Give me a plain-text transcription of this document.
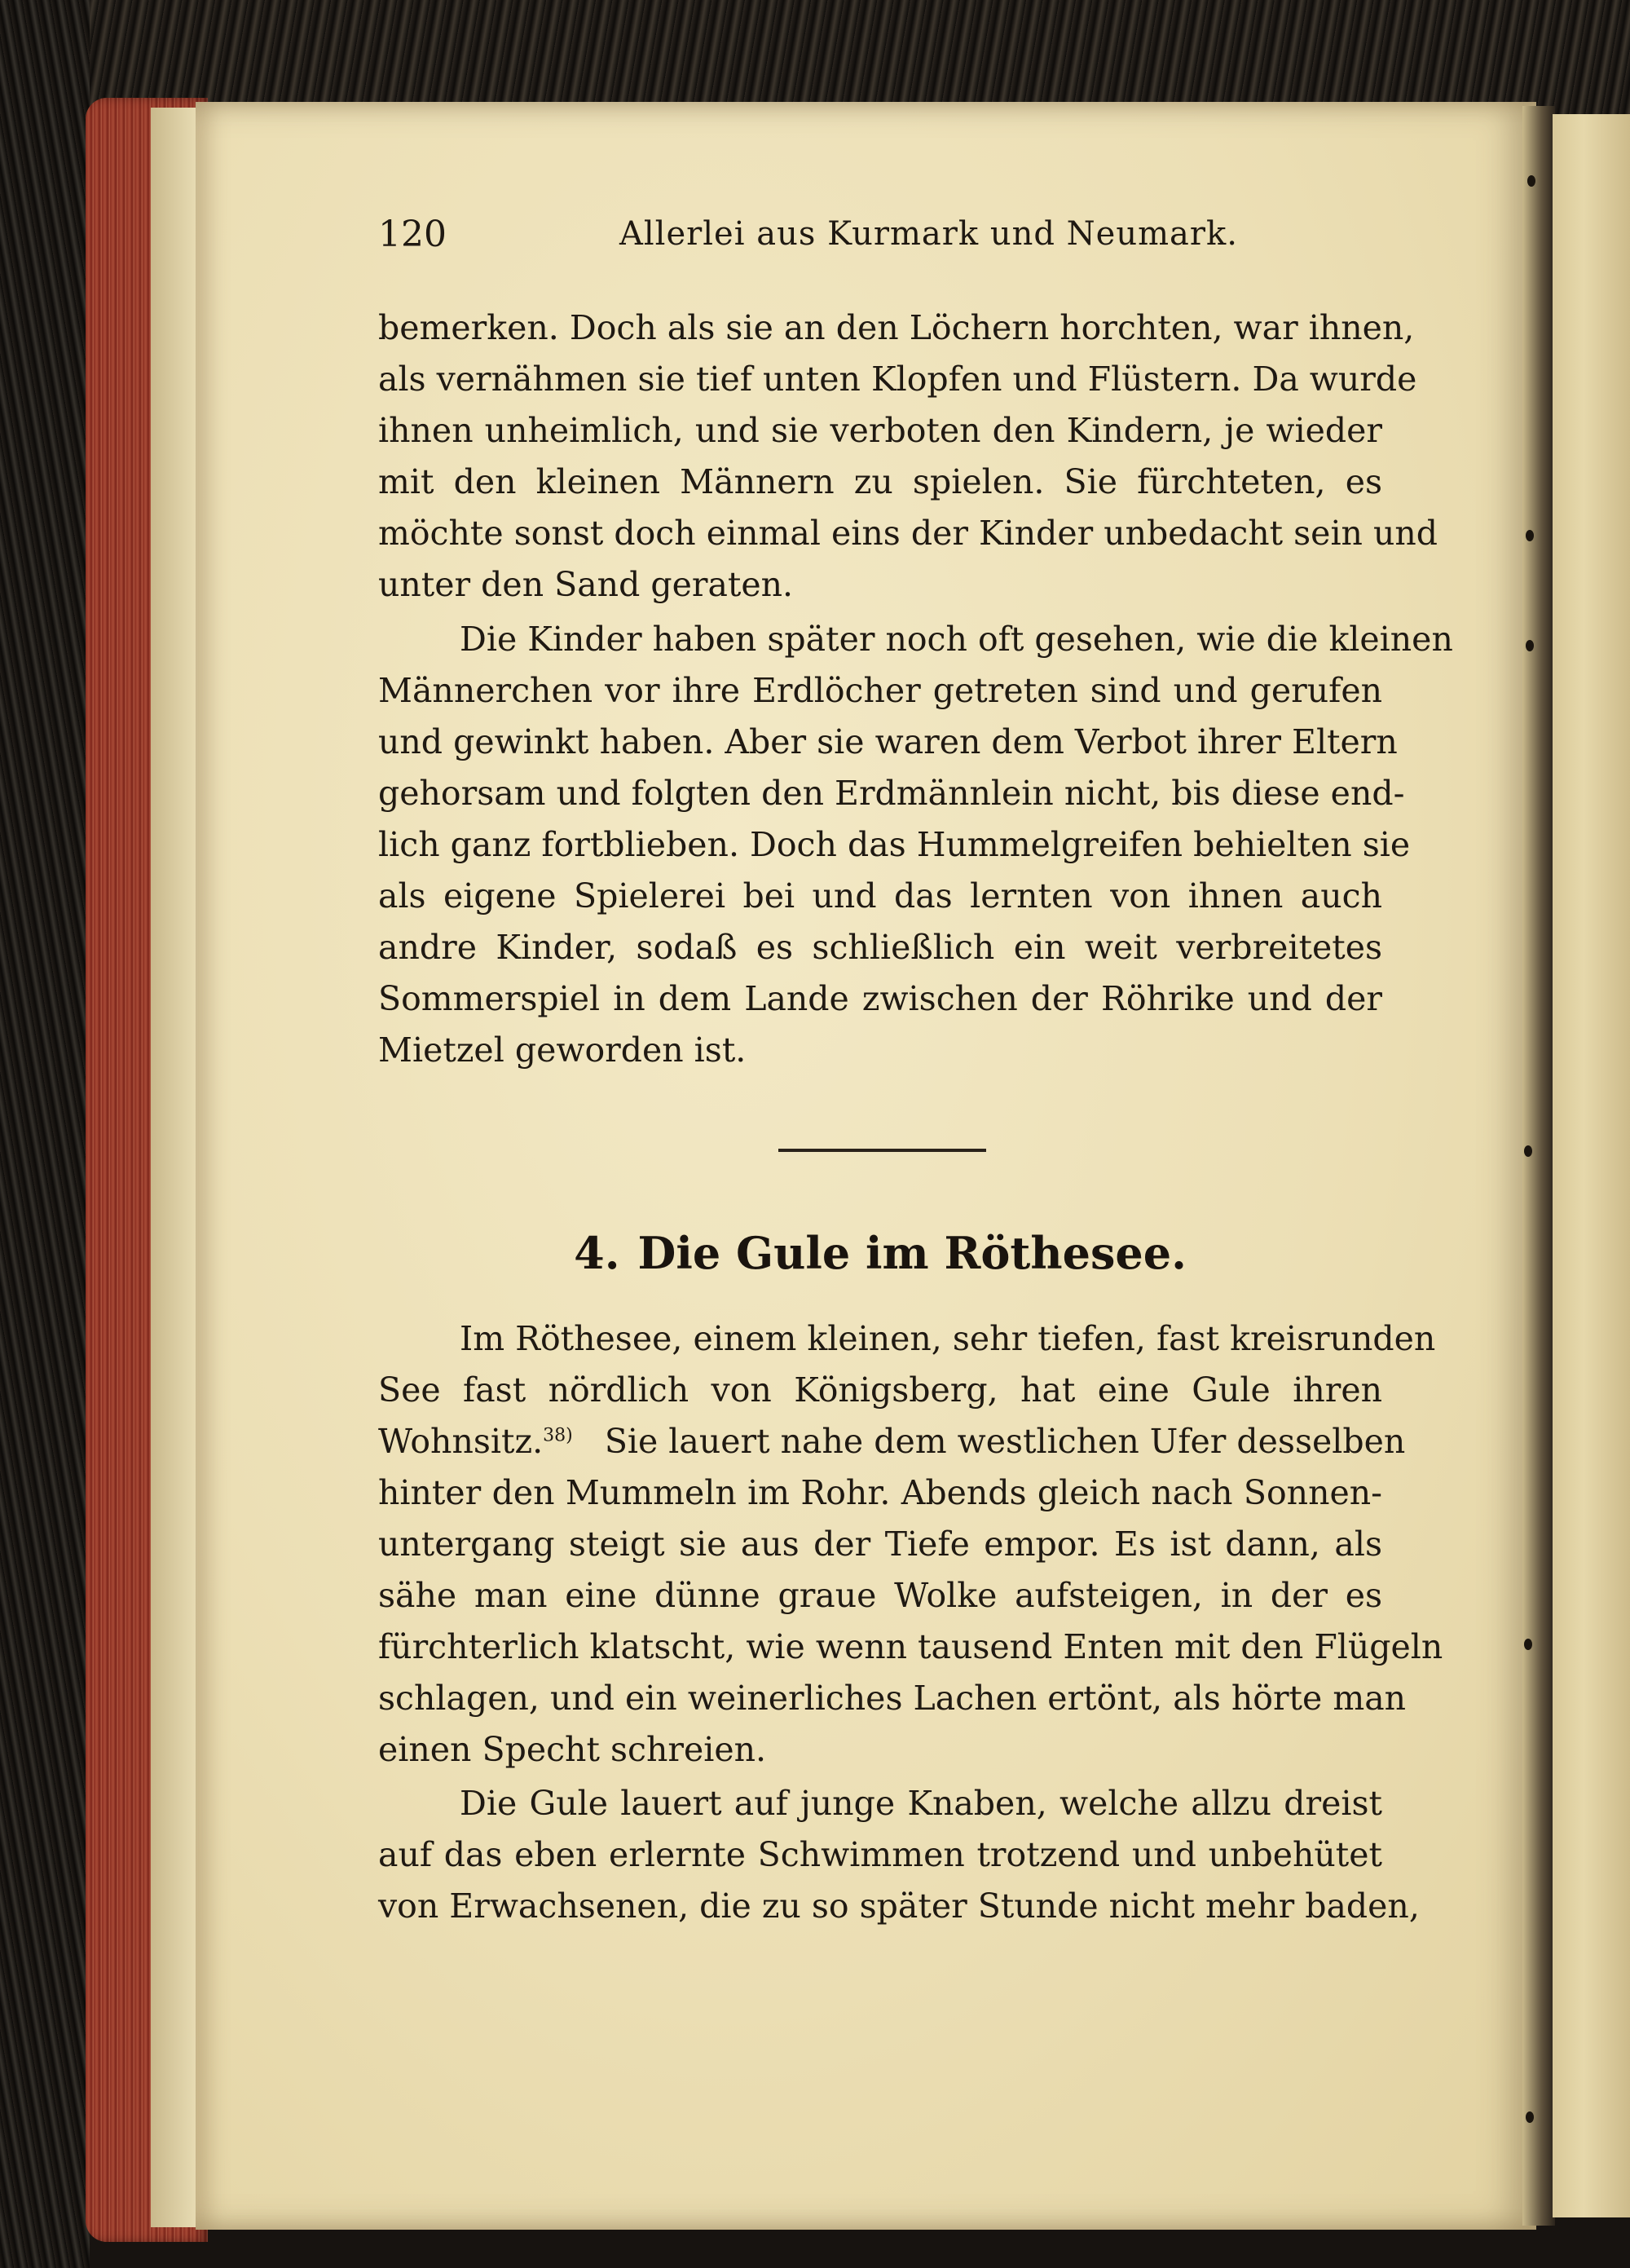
120	Allerlei aus Kurmark und Neumark.
bemerken. Doch als sie an den Löchern horchten, war ihnen,
als vernähmen sie tief unten Klopfen und Flüstern. Da wurde
ihnen unheimlich, und sie verboten den Kindern, je wieder
mit den kleinen Männern zu spielen. Sie fürchteten, es
möchte sonst doch einmal eins der Kinder unbedacht sein und
unter den Sand geraten.
Die Kinder haben später noch oft gesehen, wie die kleinen
Männerchen vor ihre Erdlöcher getreten sind und gerufen
und gewinkt haben. Aber sie waren dem Verbot ihrer Eltern
gehorsam und folgten den Erdmännlein nicht, bis diese end-
lich ganz fortblieben. Doch das Hummelgreifen behielten sie
als eigene Spielerei bei und das lernten von ihnen auch
andre Kinder, sodaß es schließlich ein weit verbreitetes
Sommerspiel in dem Lande zwischen der Röhrike und der
Mietzel geworden ist.
4. Die Gule im Röthesee.
Im Röthesee, einem kleinen, sehr tiefen, fast kreisrunden
See fast nördlich von Königsberg, hat eine Gule ihren
Wohnsitz.$^{38)}$ Sie lauert nahe dem westlichen Ufer desselben
hinter den Mummeln im Rohr. Abends gleich nach Sonnen-
untergang steigt sie aus der Tiefe empor. Es ist dann, als
sähe man eine dünne graue Wolke aufsteigen, in der es
fürchterlich klatscht, wie wenn tausend Enten mit den Flügeln
schlagen, und ein weinerliches Lachen ertönt, als hörte man
einen Specht schreien.
Die Gule lauert auf junge Knaben, welche allzu dreist
auf das eben erlernte Schwimmen trotzend und unbehütet
von Erwachsenen, die zu so später Stunde nicht mehr baden,
